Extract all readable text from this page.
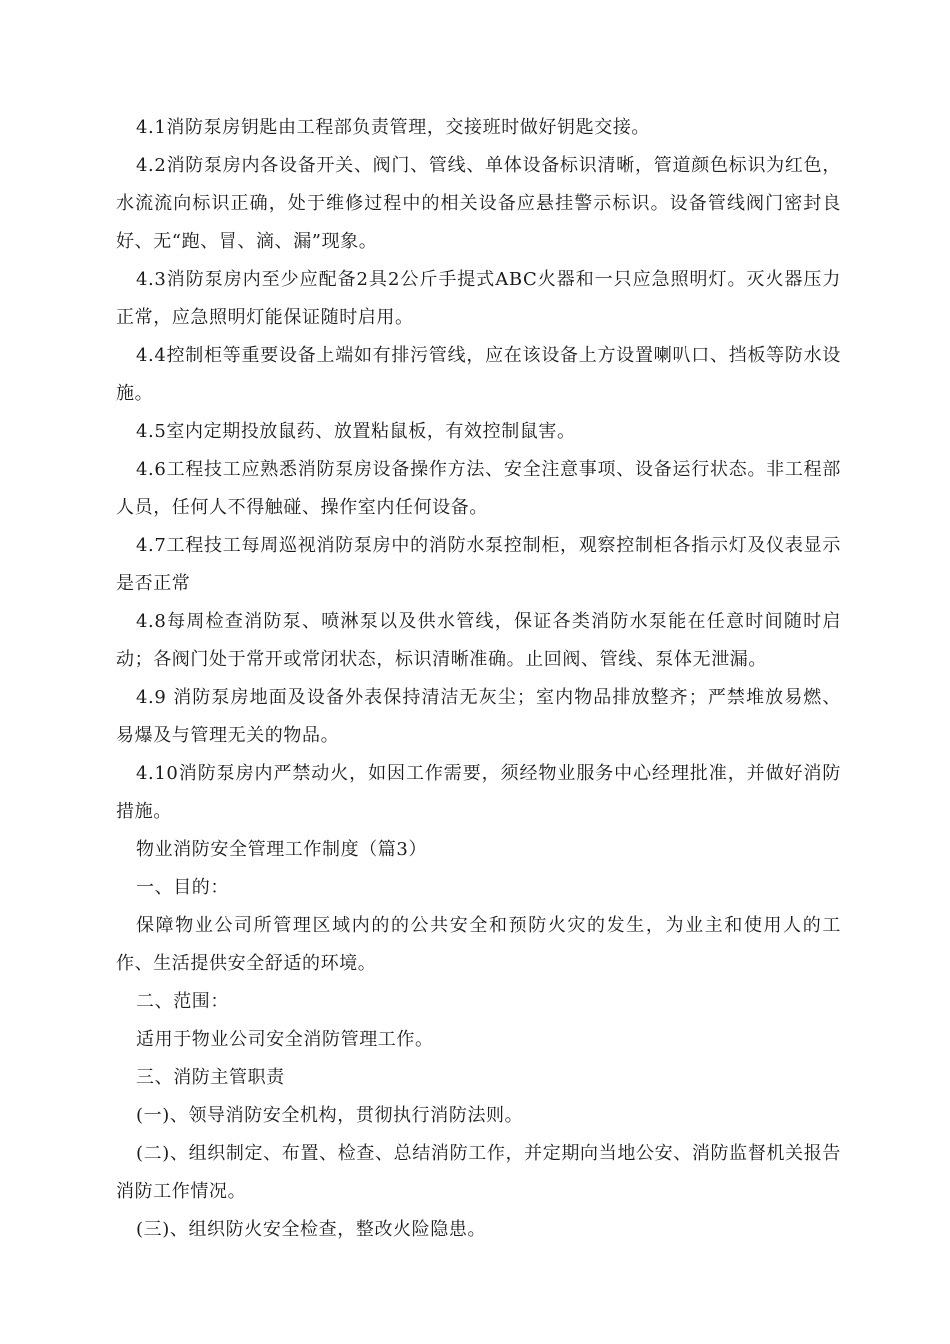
4.1消防泵房钥匙由工程部负责管理，交接班时做好钥匙交接。

4.2消防泵房内各设备开关、阀门、管线、单体设备标识清晰，管道颜色标识为红色，水流流向标识正确，处于维修过程中的相关设备应悬挂警示标识。设备管线阀门密封良好、无“跑、冒、滴、漏”现象。

4.3消防泵房内至少应配备2具2公斤手提式ABC火器和一只应急照明灯。灭火器压力正常，应急照明灯能保证随时启用。

4.4控制柜等重要设备上端如有排污管线，应在该设备上方设置喇叭口、挡板等防水设施。

4.5室内定期投放鼠药、放置粘鼠板，有效控制鼠害。

4.6工程技工应熟悉消防泵房设备操作方法、安全注意事项、设备运行状态。非工程部人员，任何人不得触碰、操作室内任何设备。

4.7工程技工每周巡视消防泵房中的消防水泵控制柜，观察控制柜各指示灯及仪表显示是否正常

4.8每周检查消防泵、喷淋泵以及供水管线，保证各类消防水泵能在任意时间随时启动；各阀门处于常开或常闭状态，标识清晰准确。止回阀、管线、泵体无泄漏。

4.9 消防泵房地面及设备外表保持清洁无灰尘；室内物品排放整齐；严禁堆放易燃、易爆及与管理无关的物品。

4.10消防泵房内严禁动火，如因工作需要，须经物业服务中心经理批准，并做好消防措施。

物业消防安全管理工作制度（篇3）

一、目的：

保障物业公司所管理区域内的的公共安全和预防火灾的发生，为业主和使用人的工作、生活提供安全舒适的环境。

二、范围：

适用于物业公司安全消防管理工作。

三、消防主管职责

(一)、领导消防安全机构，贯彻执行消防法则。

(二)、组织制定、布置、检查、总结消防工作，并定期向当地公安、消防监督机关报告消防工作情况。

(三)、组织防火安全检查，整改火险隐患。
